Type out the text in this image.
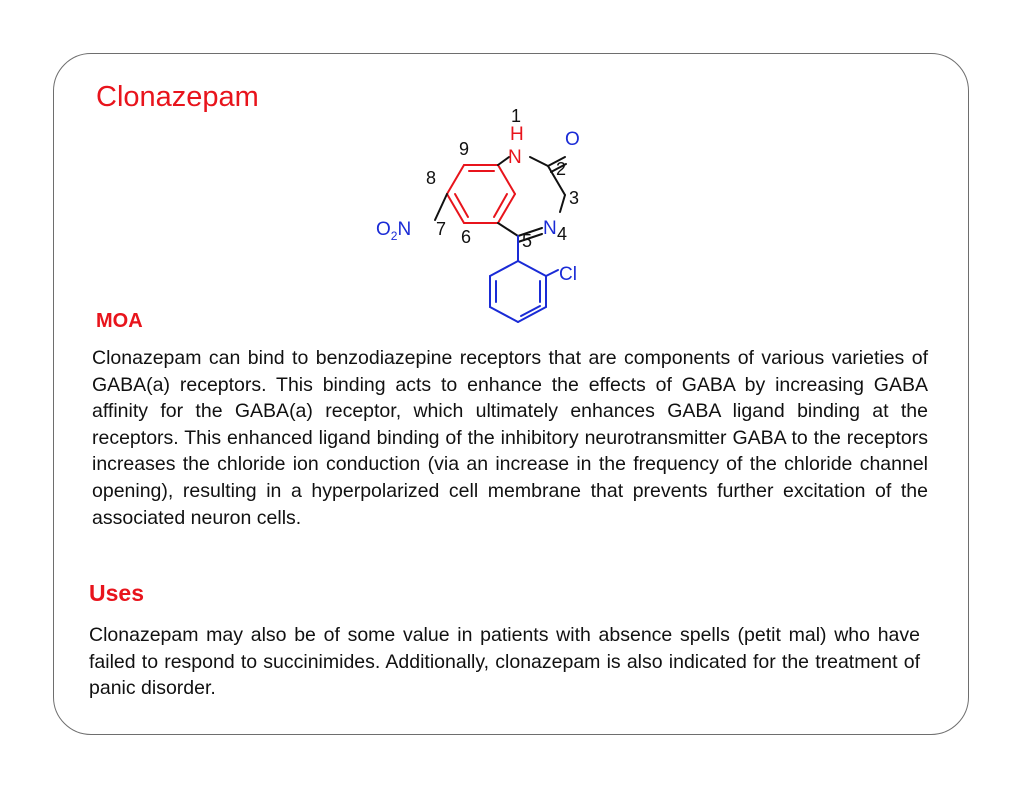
Clonazepam
H
N
O
N
$O_2N$
Cl
1
2
3
4
5
6
7
8
9
MOA

Clonazepam can bind to benzodiazepine receptors that are components of various varieties of GABA(a) receptors. This binding acts to enhance the effects of GABA by increasing GABA affinity for the GABA(a) receptor, which ultimately enhances GABA ligand binding at the receptors. This enhanced ligand binding of the inhibitory neurotransmitter GABA to the receptors increases the chloride ion conduction (via an increase in the frequency of the chloride channel opening), resulting in a hyperpolarized cell membrane that prevents further excitation of the associated neuron cells.

Uses

Clonazepam may also be of some value in patients with absence spells (petit mal) who have failed to respond to succinimides. Additionally, clonazepam is also indicated for the treatment of panic disorder.
